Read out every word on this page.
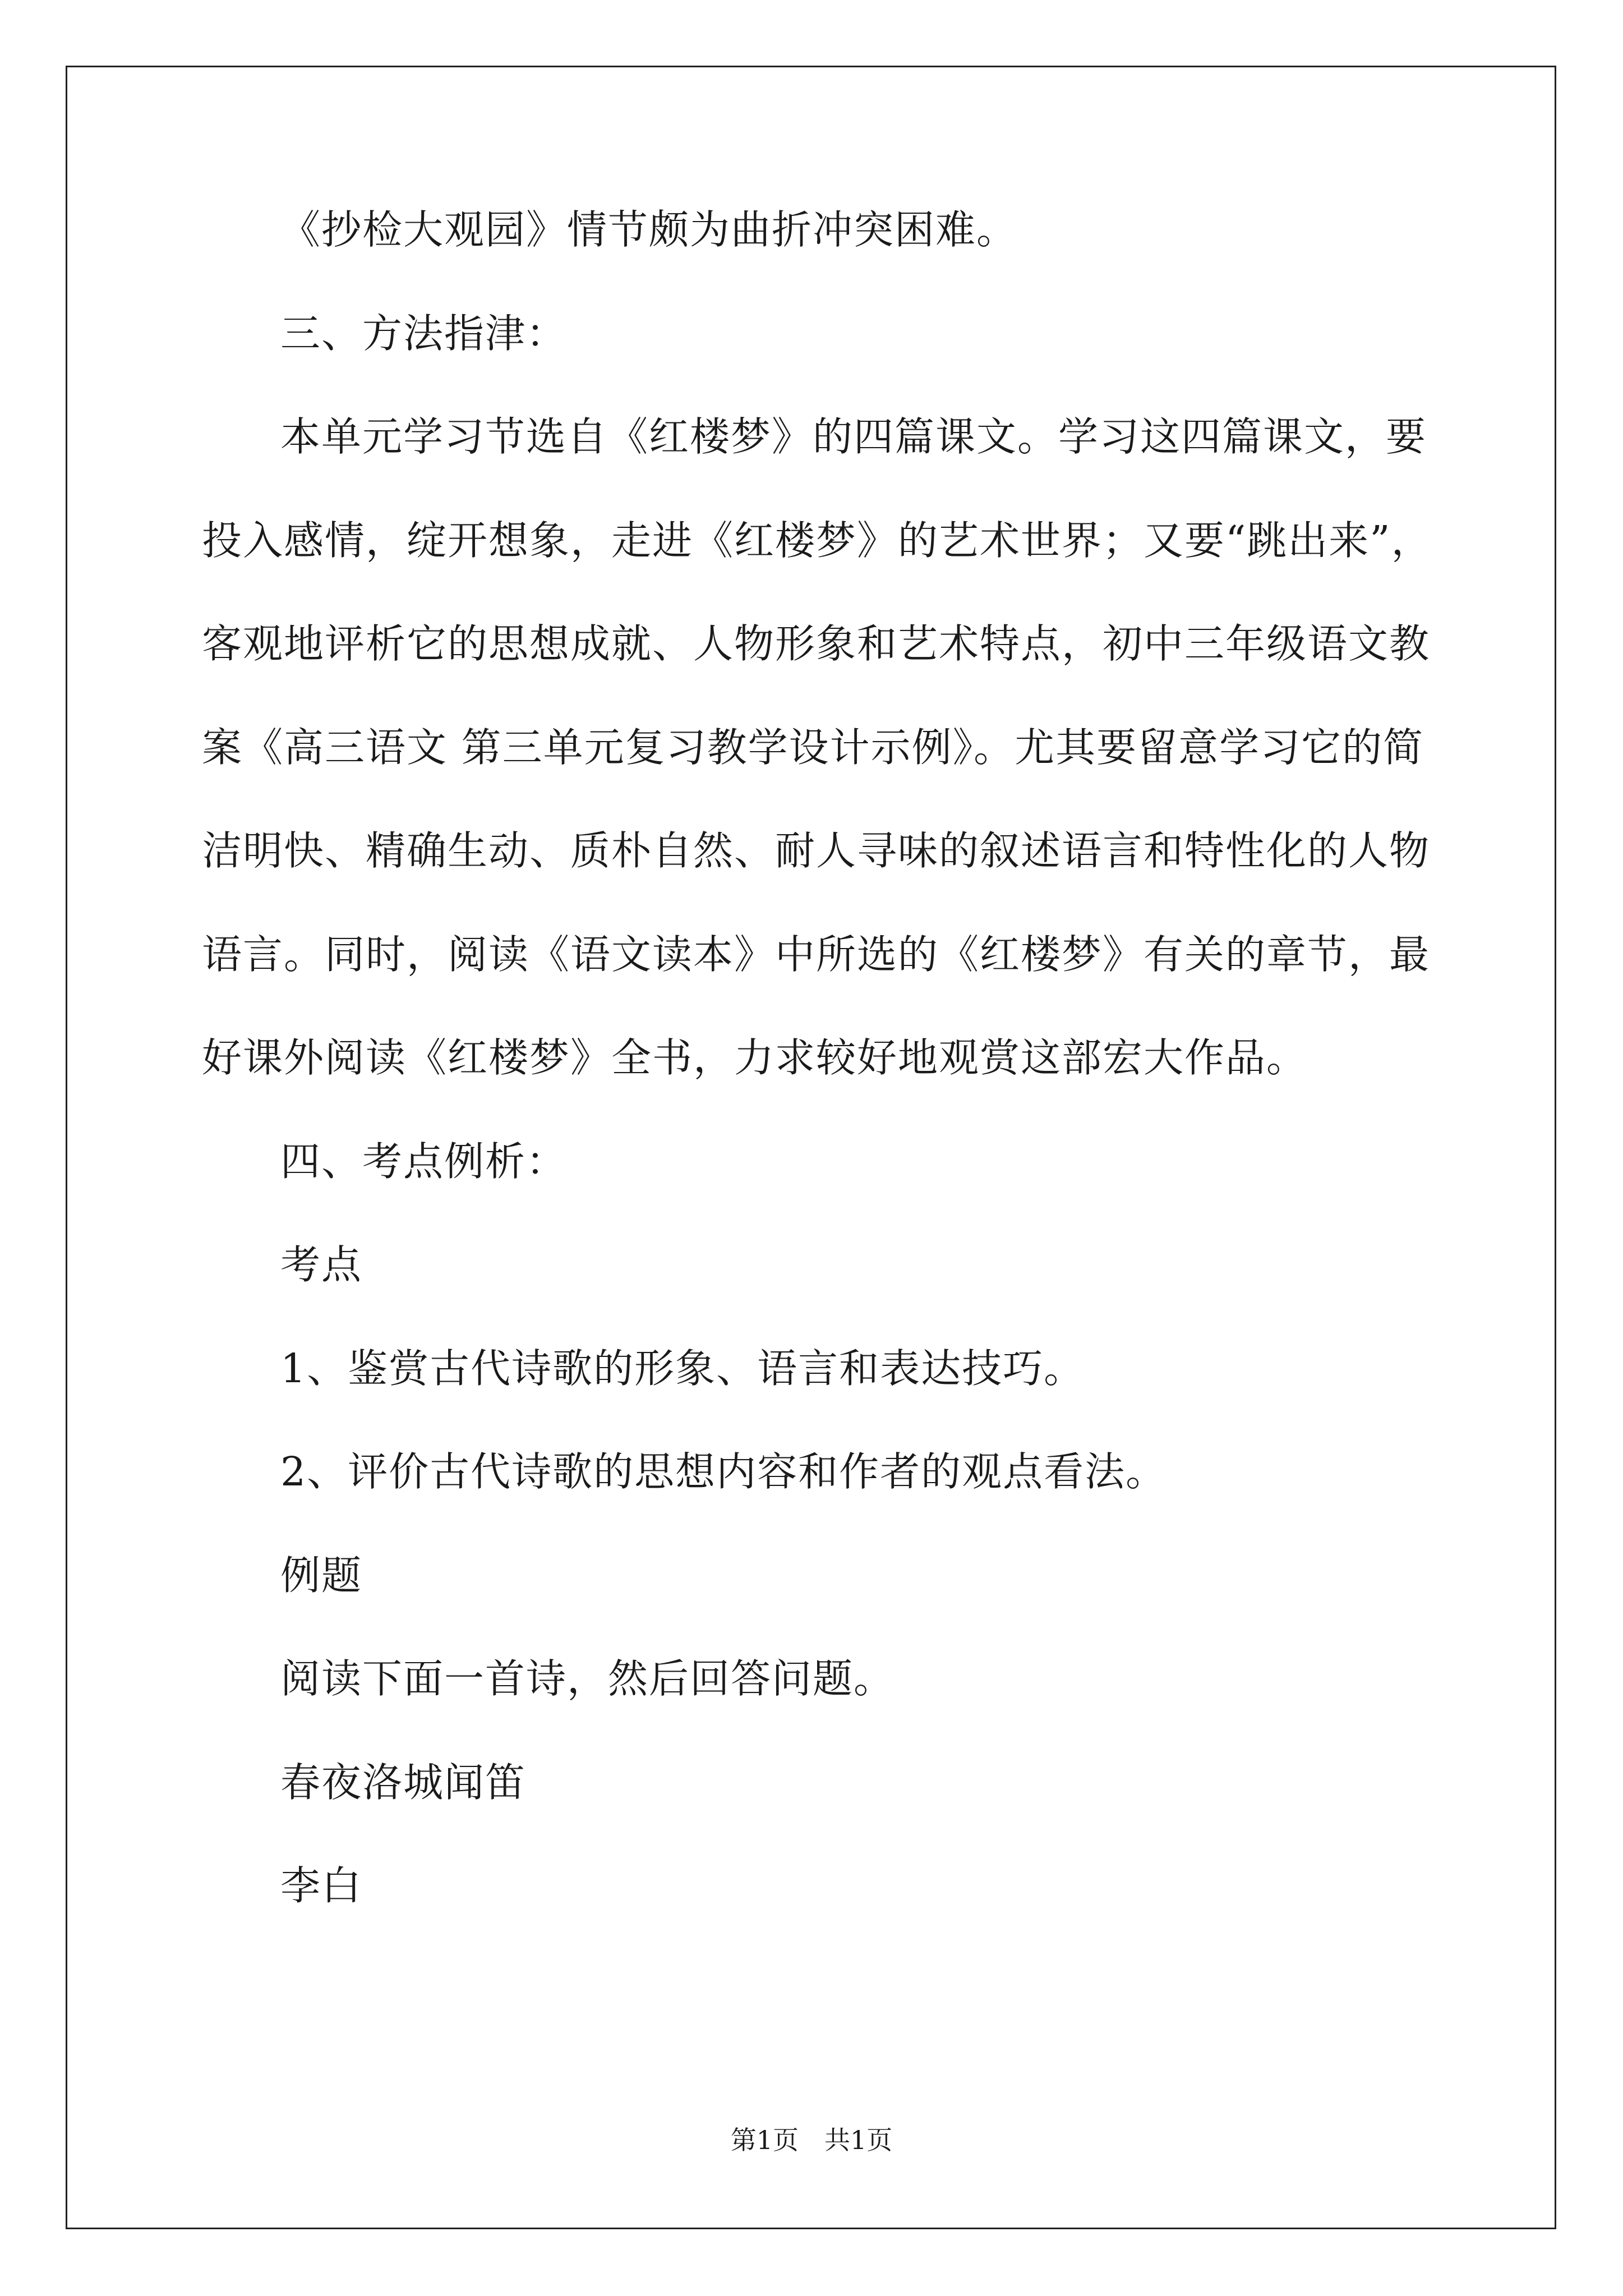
《抄检大观园》情节颇为曲折冲突困难。
三、方法指津：
本单元学习节选自《红楼梦》的四篇课文。学习这四篇课文，要
投入感情，绽开想象，走进《红楼梦》的艺术世界；又要“跳出来”，
客观地评析它的思想成就、人物形象和艺术特点，初中三年级语文教
案《高三语文 第三单元复习教学设计示例》。尤其要留意学习它的简
洁明快、精确生动、质朴自然、耐人寻味的叙述语言和特性化的人物
语言。同时，阅读《语文读本》中所选的《红楼梦》有关的章节，最
好课外阅读《红楼梦》全书，力求较好地观赏这部宏大作品。
四、考点例析：
考点
1、鉴赏古代诗歌的形象、语言和表达技巧。
2、评价古代诗歌的思想内容和作者的观点看法。
例题
阅读下面一首诗，然后回答问题。
春夜洛城闻笛
李白
第1页　共1页
